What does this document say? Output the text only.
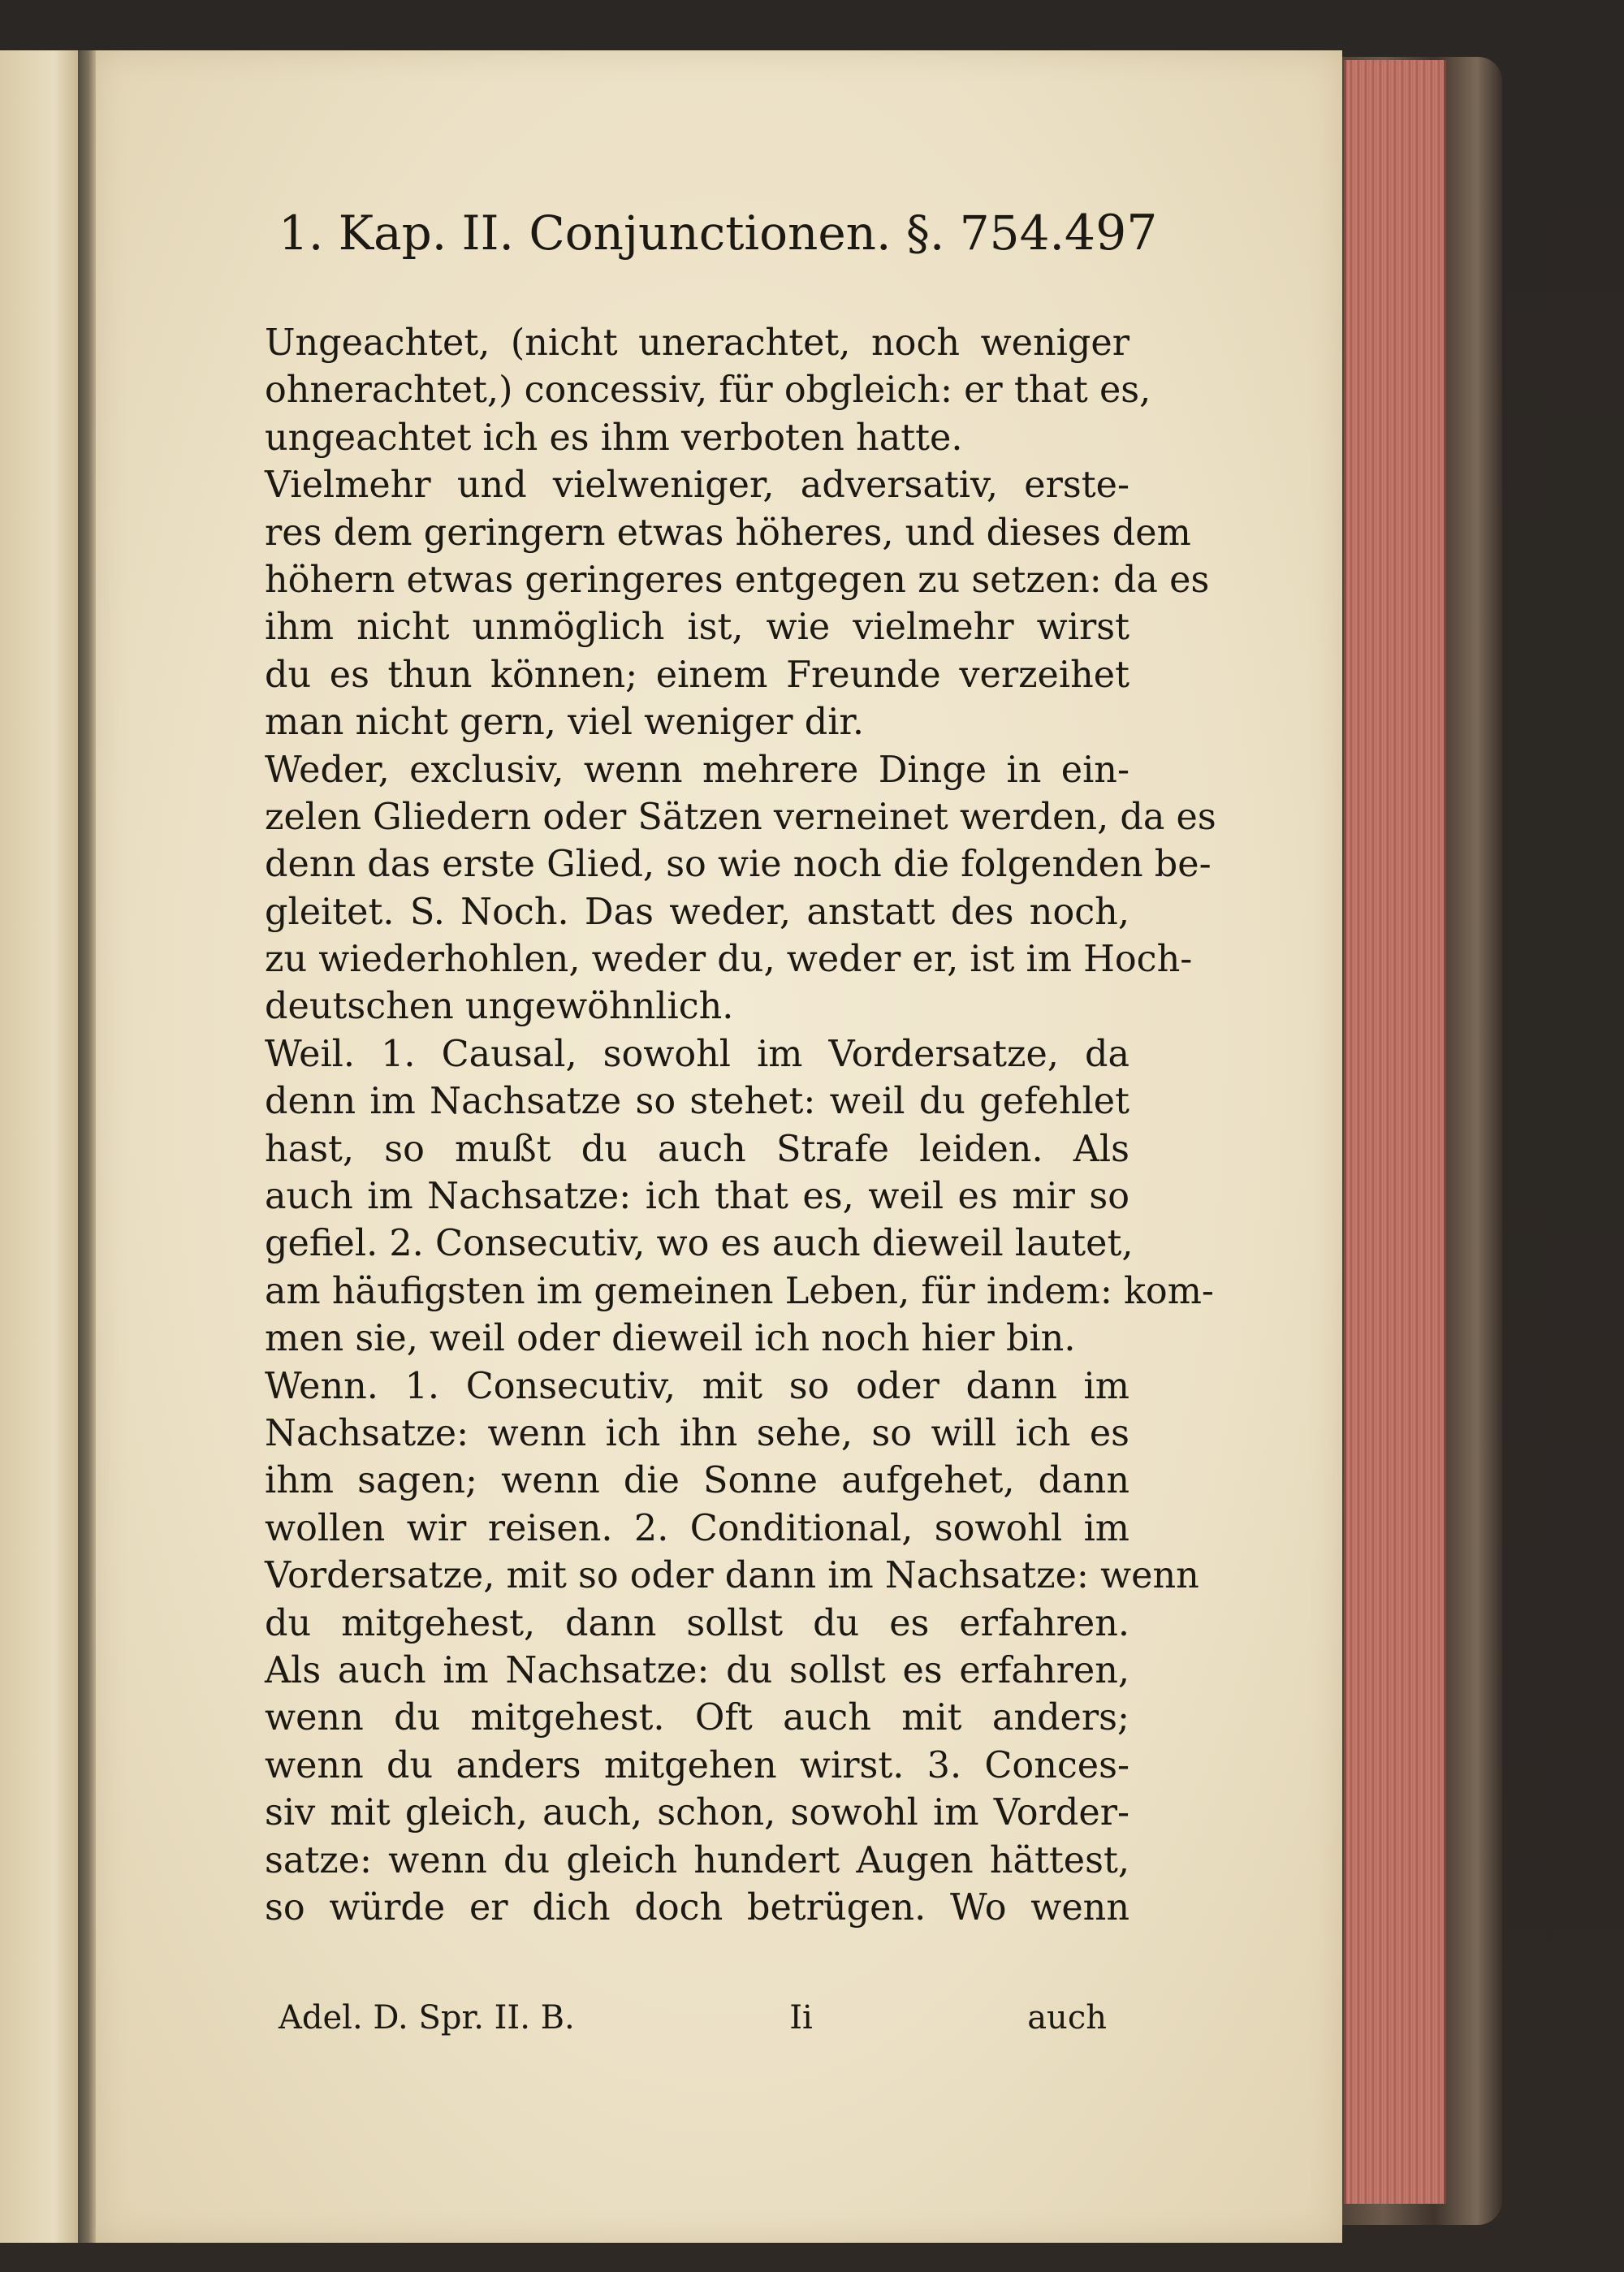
1. Kap. II. Conjunctionen. §. 754. 497
Ungeachtet, (nicht unerachtet, noch weniger
ohnerachtet,) concessiv, für obgleich: er that es,
ungeachtet ich es ihm verboten hatte.
Vielmehr und vielweniger, adversativ, erste-
res dem geringern etwas höheres, und dieses dem
höhern etwas geringeres entgegen zu setzen: da es
ihm nicht unmöglich ist, wie vielmehr wirst
du es thun können; einem Freunde verzeihet
man nicht gern, viel weniger dir.
Weder, exclusiv, wenn mehrere Dinge in ein-
zelen Gliedern oder Sätzen verneinet werden, da es
denn das erste Glied, so wie noch die folgenden be-
gleitet. S. Noch. Das weder, anstatt des noch,
zu wiederhohlen, weder du, weder er, ist im Hoch-
deutschen ungewöhnlich.
Weil. 1. Causal, sowohl im Vordersatze, da
denn im Nachsatze so stehet: weil du gefehlet
hast, so mußt du auch Strafe leiden. Als
auch im Nachsatze: ich that es, weil es mir so
gefiel. 2. Consecutiv, wo es auch dieweil lautet,
am häufigsten im gemeinen Leben, für indem: kom-
men sie, weil oder dieweil ich noch hier bin.
Wenn. 1. Consecutiv, mit so oder dann im
Nachsatze: wenn ich ihn sehe, so will ich es
ihm sagen; wenn die Sonne aufgehet, dann
wollen wir reisen. 2. Conditional, sowohl im
Vordersatze, mit so oder dann im Nachsatze: wenn
du mitgehest, dann sollst du es erfahren.
Als auch im Nachsatze: du sollst es erfahren,
wenn du mitgehest. Oft auch mit anders;
wenn du anders mitgehen wirst. 3. Conces-
siv mit gleich, auch, schon, sowohl im Vorder-
satze: wenn du gleich hundert Augen hättest,
so würde er dich doch betrügen. Wo wenn
Adel. D. Spr. II. B.	Ii	auch
